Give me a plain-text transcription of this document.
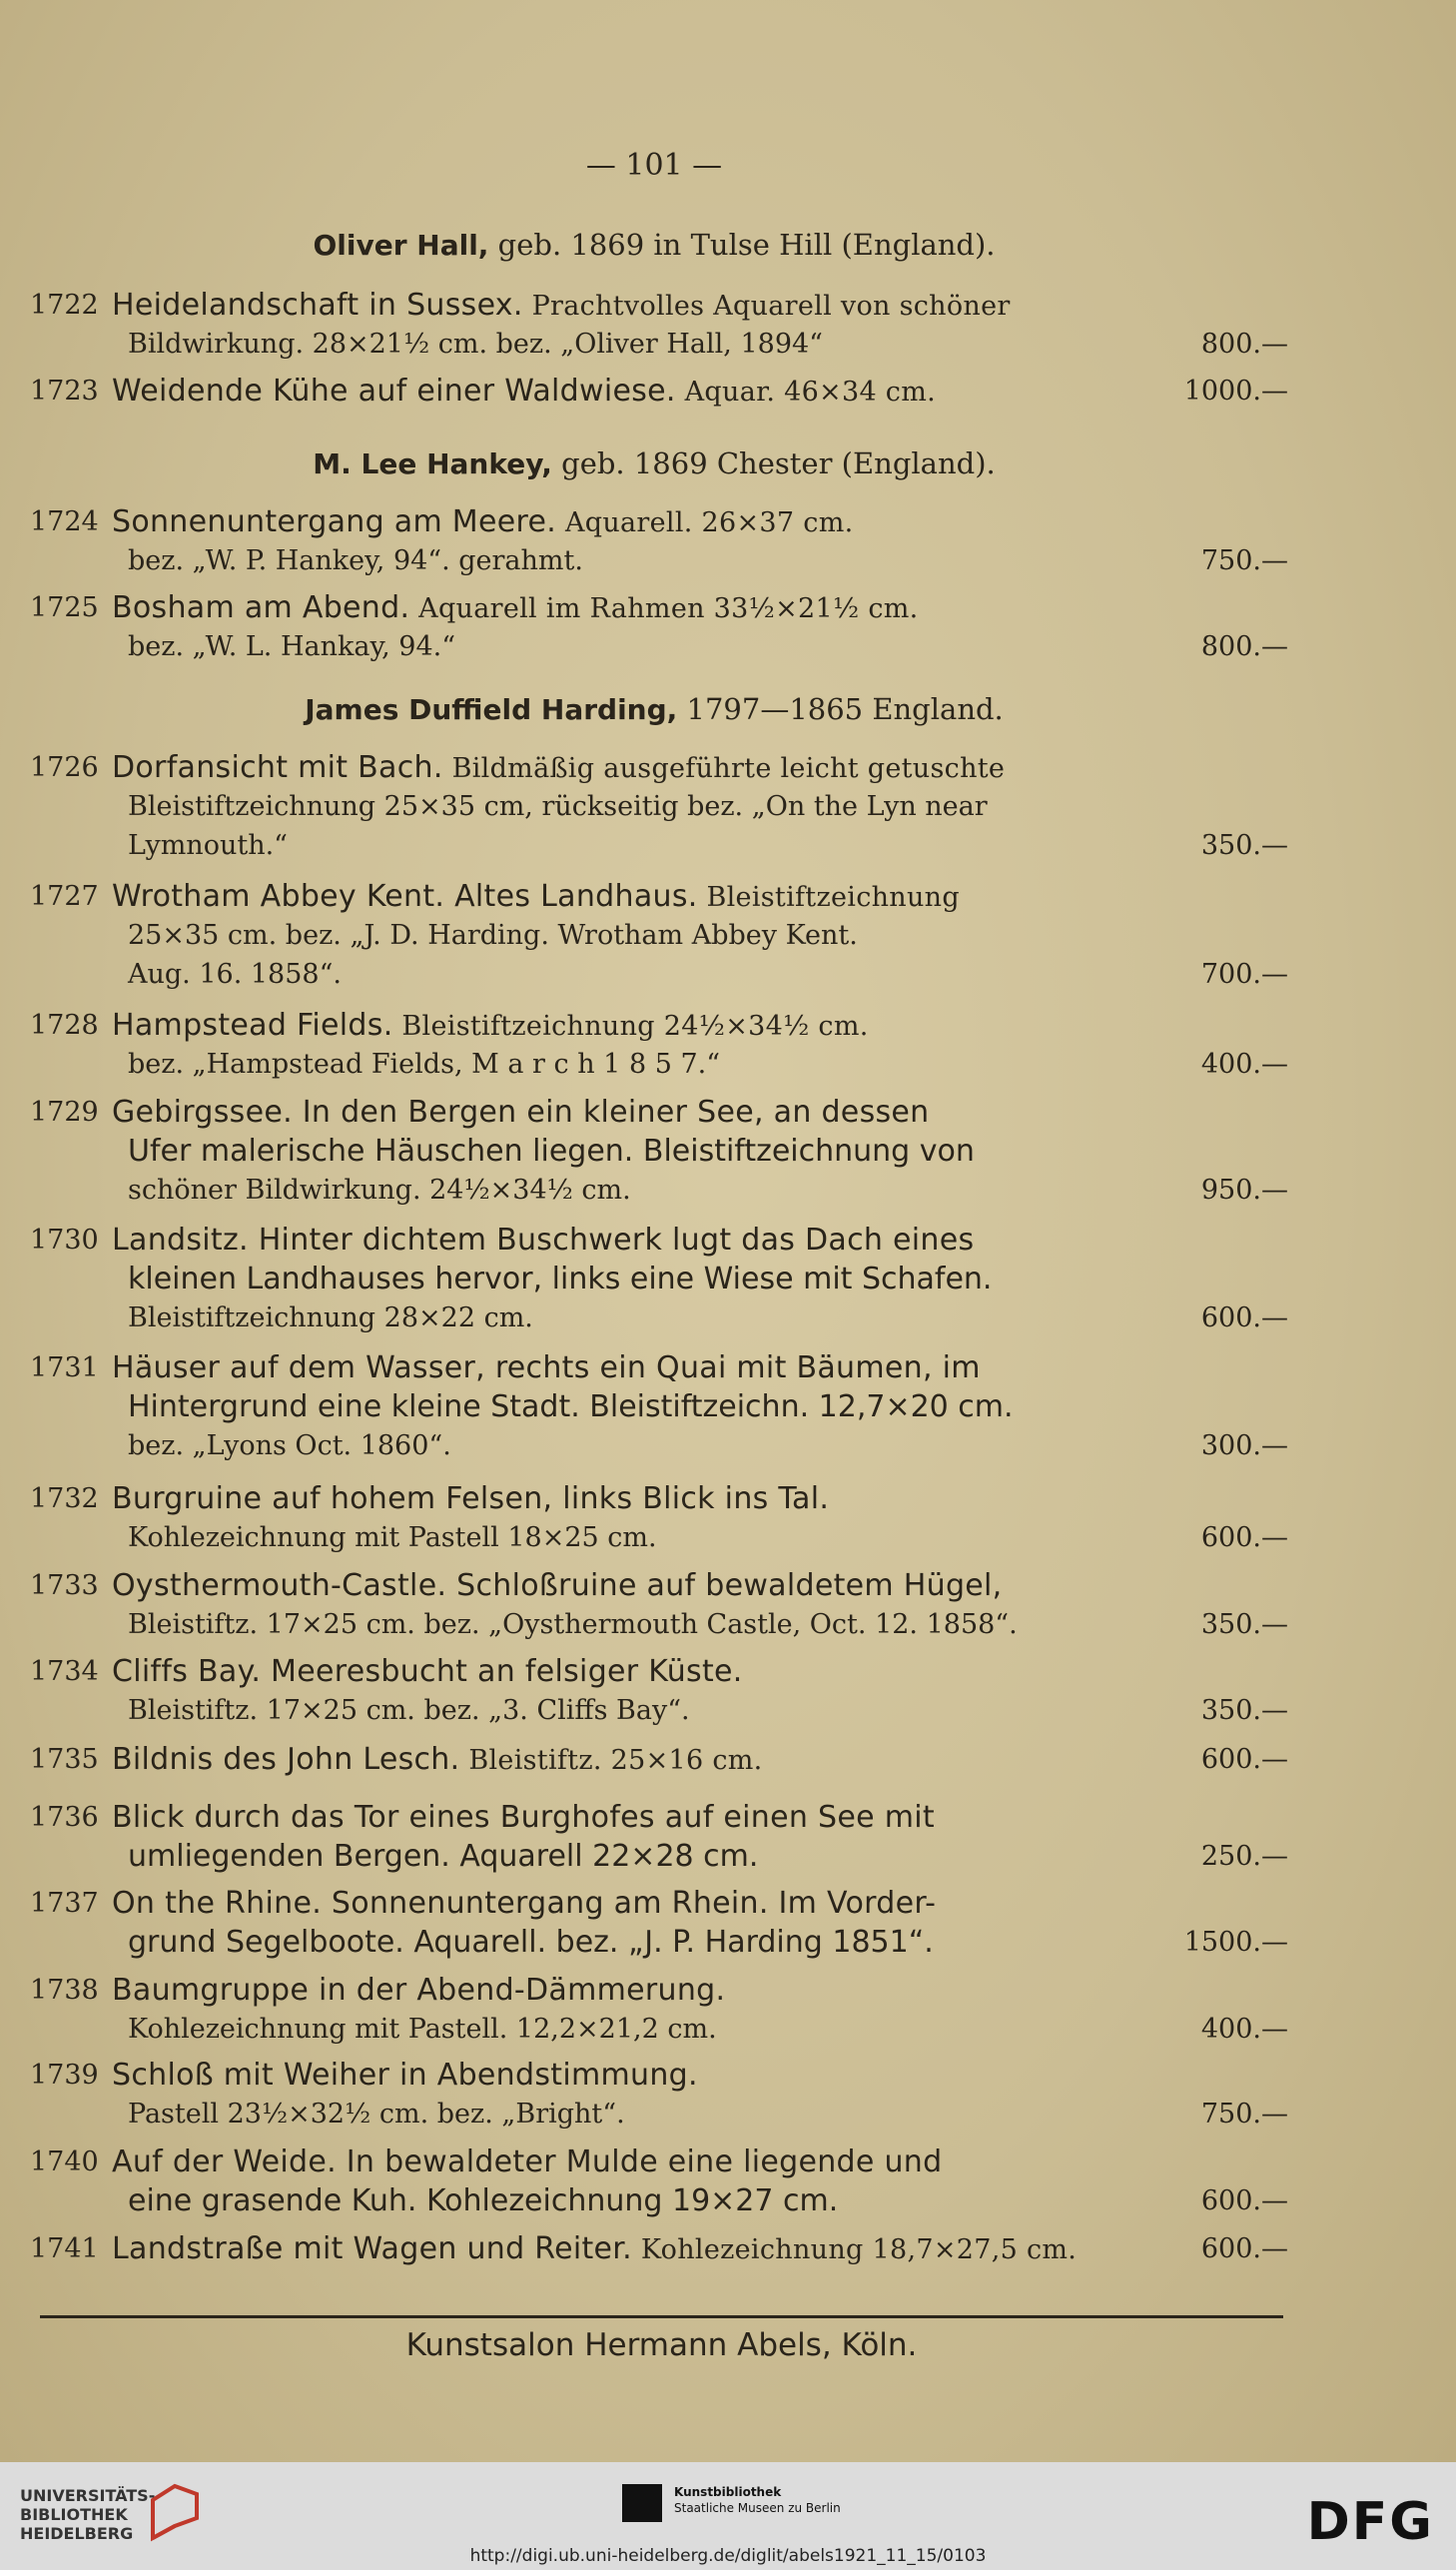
— 101 —
Oliver Hall, geb. 1869 in Tulse Hill (England).
M. Lee Hankey, geb. 1869 Chester (England).
James Duffield Harding, 1797—1865 England.
1722 Heidelandschaft in Sussex. Prachtvolles Aquarell von schöner
Bildwirkung. 28×21½ cm. bez. „Oliver Hall, 1894“	800.—
1723 Weidende Kühe auf einer Waldwiese. Aquar. 46×34 cm.	1000.—
1724 Sonnenuntergang am Meere. Aquarell. 26×37 cm.
bez. „W. P. Hankey, 94“. gerahmt.	750.—
1725 Bosham am Abend. Aquarell im Rahmen 33½×21½ cm.
bez. „W. L. Hankay, 94.“	800.—
1726 Dorfansicht mit Bach. Bildmäßig ausgeführte leicht getuschte
Bleistiftzeichnung 25×35 cm, rückseitig bez. „On the Lyn near
Lymnouth.“	350.—
1727 Wrotham Abbey Kent. Altes Landhaus. Bleistiftzeichnung
25×35 cm. bez. „J. D. Harding. Wrotham Abbey Kent.
Aug. 16. 1858“.	700.—
1728 Hampstead Fields. Bleistiftzeichnung 24½×34½ cm.
bez. „Hampstead Fields, M a r c h 1 8 5 7.“	400.—
1729 Gebirgssee. In den Bergen ein kleiner See, an dessen
Ufer malerische Häuschen liegen. Bleistiftzeichnung von
schöner Bildwirkung. 24½×34½ cm.	950.—
1730 Landsitz. Hinter dichtem Buschwerk lugt das Dach eines
kleinen Landhauses hervor, links eine Wiese mit Schafen.
Bleistiftzeichnung 28×22 cm.	600.—
1731 Häuser auf dem Wasser, rechts ein Quai mit Bäumen, im
Hintergrund eine kleine Stadt. Bleistiftzeichn. 12,7×20 cm.
bez. „Lyons Oct. 1860“.	300.—
1732 Burgruine auf hohem Felsen, links Blick ins Tal.
Kohlezeichnung mit Pastell 18×25 cm.	600.—
1733 Oysthermouth-Castle. Schloßruine auf bewaldetem Hügel,
Bleistiftz. 17×25 cm. bez. „Oysthermouth Castle, Oct. 12. 1858“.	350.—
1734 Cliffs Bay. Meeresbucht an felsiger Küste.
Bleistiftz. 17×25 cm. bez. „3. Cliffs Bay“.	350.—
1735 Bildnis des John Lesch. Bleistiftz. 25×16 cm.	600.—
1736 Blick durch das Tor eines Burghofes auf einen See mit
umliegenden Bergen. Aquarell 22×28 cm.	250.—
1737 On the Rhine. Sonnenuntergang am Rhein. Im Vorder-
grund Segelboote. Aquarell. bez. „J. P. Harding 1851“.	1500.—
1738 Baumgruppe in der Abend-Dämmerung.
Kohlezeichnung mit Pastell. 12,2×21,2 cm.	400.—
1739 Schloß mit Weiher in Abendstimmung.
Pastell 23½×32½ cm. bez. „Bright“.	750.—
1740 Auf der Weide. In bewaldeter Mulde eine liegende und
eine grasende Kuh. Kohlezeichnung 19×27 cm.	600.—
1741 Landstraße mit Wagen und Reiter. Kohlezeichnung 18,7×27,5 cm.	600.—
Kunstsalon Hermann Abels, Köln.
UNIVERSITÄTS-
BIBLIOTHEK
HEIDELBERG
Kunstbibliothek
Staatliche Museen zu Berlin	DFG
http://digi.ub.uni-heidelberg.de/diglit/abels1921_11_15/0103
